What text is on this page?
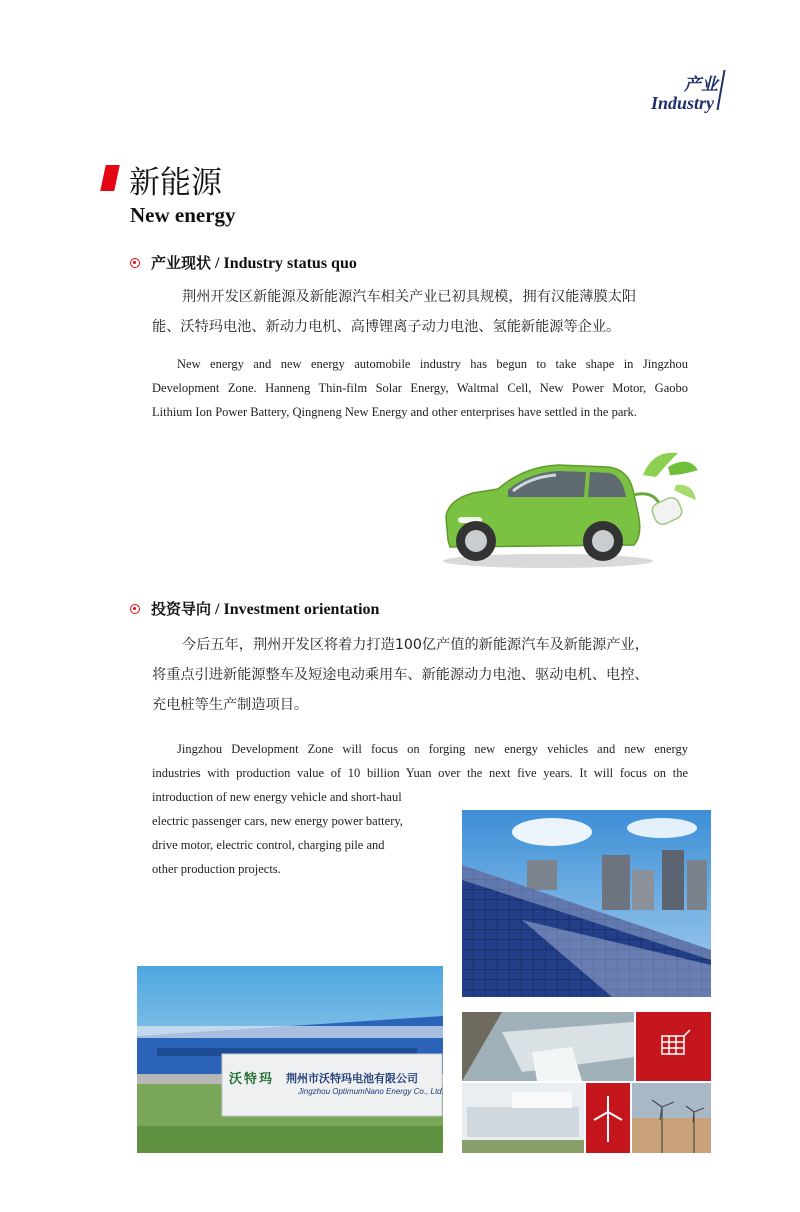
产业
Industry
新能源
New energy
产业现状 / Industry status quo
荆州开发区新能源及新能源汽车相关产业已初具规模，拥有汉能薄膜太阳
能、沃特玛电池、新动力电机、高博锂离子动力电池、氢能新能源等企业。
New energy and new energy automobile industry has begun to take shape in Jingzhou
Development Zone. Hanneng Thin-film Solar Energy, Waltmal Cell, New Power Motor, Gaobo
Lithium Ion Power Battery, Qingneng New Energy and other enterprises have settled in the park.
投资导向 / Investment orientation
今后五年，荆州开发区将着力打造100亿产值的新能源汽车及新能源产业，
将重点引进新能源整车及短途电动乘用车、新能源动力电池、驱动电机、电控、
充电桩等生产制造项目。
Jingzhou Development Zone will focus on forging new energy vehicles and new energy
industries with production value of 10 billion Yuan over the next five years. It will focus on the
introduction of new energy vehicle and short-haul
electric passenger cars, new energy power battery,
drive motor, electric control, charging pile and
other production projects.
沃特玛 荆州市沃特玛电池有限公司
Jingzhou OptimumNano Energy Co., Ltd.
